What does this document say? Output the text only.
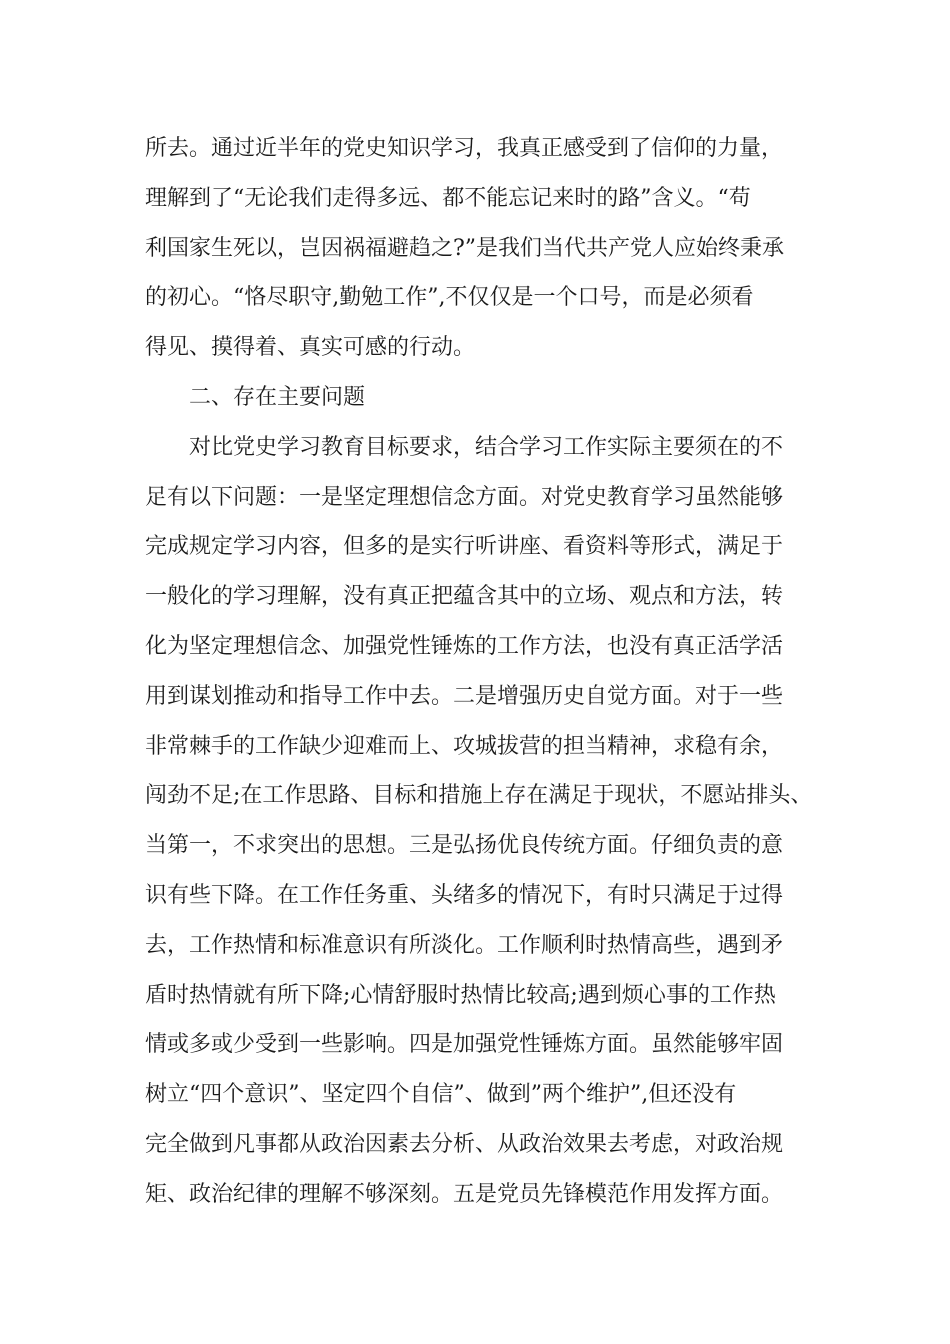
所去。通过近半年的党史知识学习，我真正感受到了信仰的力量，
理解到了“无论我们走得多远、都不能忘记来时的路”含义。“苟
利国家生死以，岂因祸福避趋之?”是我们当代共产党人应始终秉承
的初心。“恪尽职守,勤勉工作”,不仅仅是一个口号，而是必须看
得见、摸得着、真实可感的行动。
　　二、存在主要问题
　　对比党史学习教育目标要求，结合学习工作实际主要须在的不
足有以下问题：一是坚定理想信念方面。对党史教育学习虽然能够
完成规定学习内容，但多的是实行听讲座、看资料等形式，满足于
一般化的学习理解，没有真正把蕴含其中的立场、观点和方法，转
化为坚定理想信念、加强党性锤炼的工作方法，也没有真正活学活
用到谋划推动和指导工作中去。二是增强历史自觉方面。对于一些
非常棘手的工作缺少迎难而上、攻城拔营的担当精神，求稳有余，
闯劲不足;在工作思路、目标和措施上存在满足于现状，不愿站排头、
当第一，不求突出的思想。三是弘扬优良传统方面。仔细负责的意
识有些下降。在工作任务重、头绪多的情况下，有时只满足于过得
去，工作热情和标准意识有所淡化。工作顺利时热情高些，遇到矛
盾时热情就有所下降;心情舒服时热情比较高;遇到烦心事的工作热
情或多或少受到一些影响。四是加强党性锤炼方面。虽然能够牢固
树立“四个意识”、坚定四个自信”、做到”两个维护”,但还没有
完全做到凡事都从政治因素去分析、从政治效果去考虑，对政治规
矩、政治纪律的理解不够深刻。五是党员先锋模范作用发挥方面。
